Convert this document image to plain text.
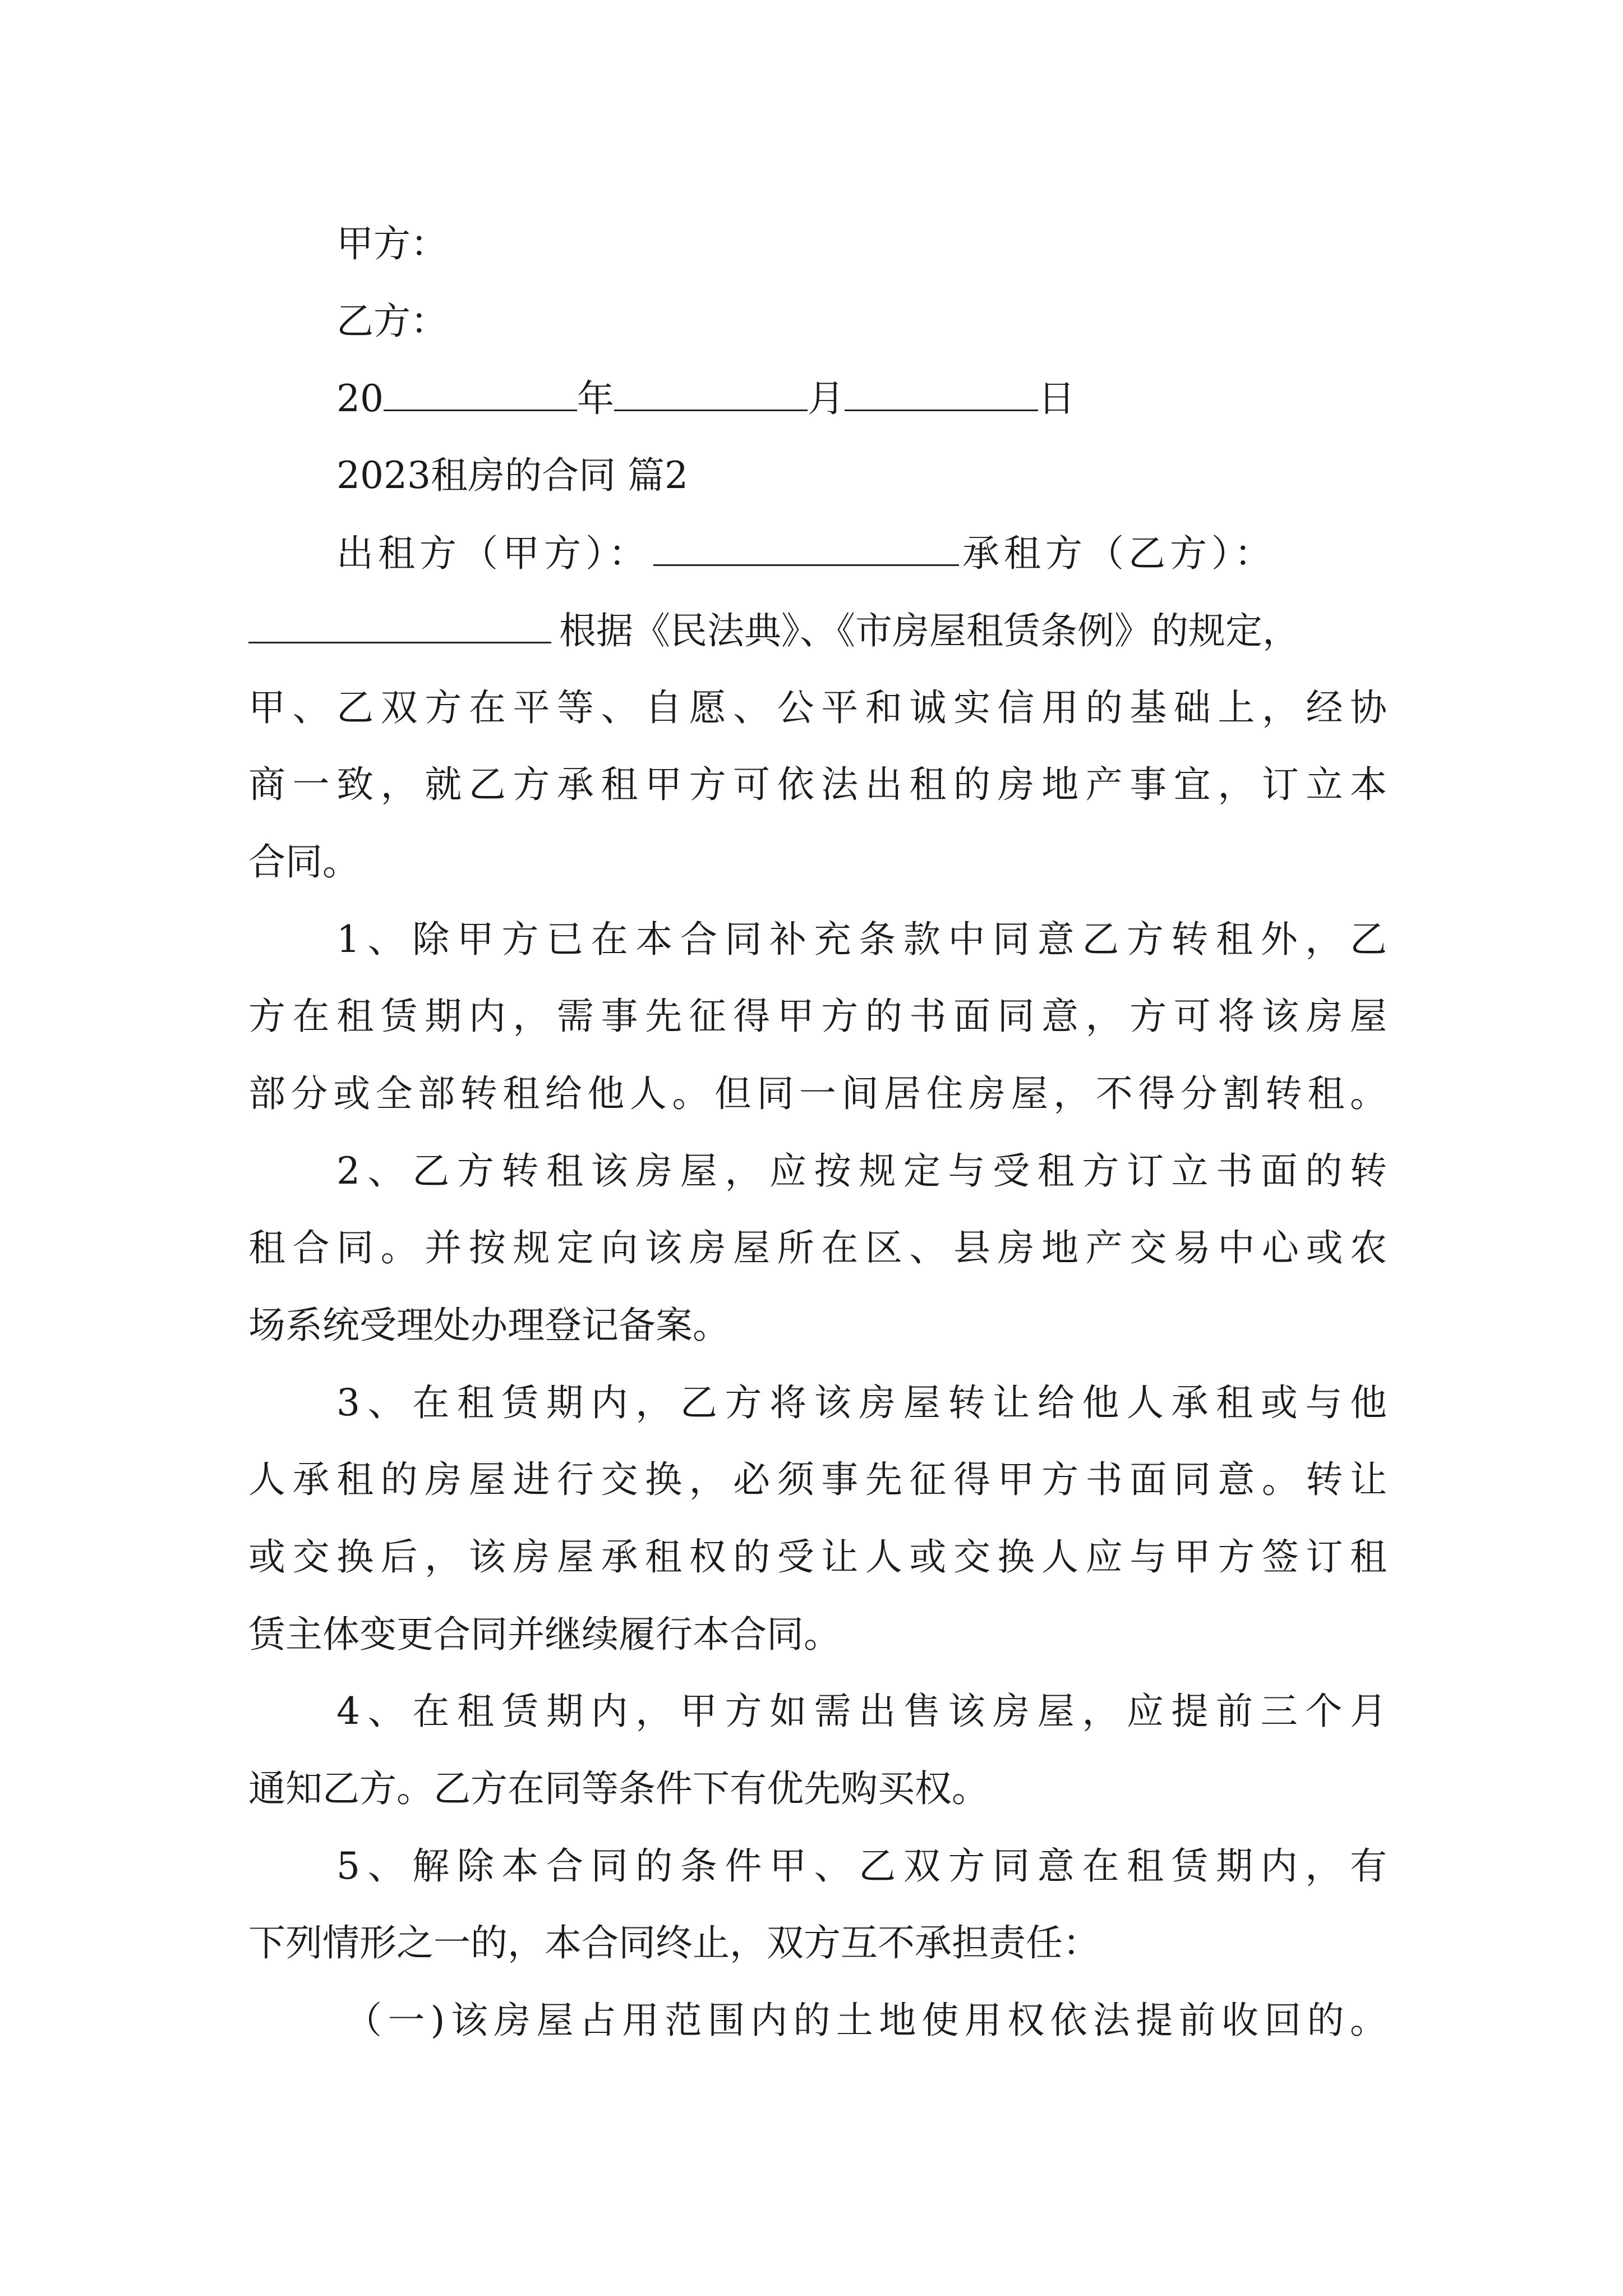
甲方：
乙方：
20	年	月	日
2023租房的合同 篇2
出租方（甲方）：	承租方（乙方）：
根据《民法典》、《市房屋租赁条例》的规定，
甲、乙双方在平等、自愿、公平和诚实信用的基础上，经协
商一致，就乙方承租甲方可依法出租的房地产事宜，订立本
合同。
1、除甲方已在本合同补充条款中同意乙方转租外，乙
方在租赁期内，需事先征得甲方的书面同意，方可将该房屋
部分或全部转租给他人。但同一间居住房屋，不得分割转租。
2、乙方转租该房屋，应按规定与受租方订立书面的转
租合同。并按规定向该房屋所在区、县房地产交易中心或农
场系统受理处办理登记备案。
3、在租赁期内，乙方将该房屋转让给他人承租或与他
人承租的房屋进行交换，必须事先征得甲方书面同意。转让
或交换后，该房屋承租权的受让人或交换人应与甲方签订租
赁主体变更合同并继续履行本合同。
4、在租赁期内，甲方如需出售该房屋，应提前三个月
通知乙方。乙方在同等条件下有优先购买权。
5、解除本合同的条件甲、乙双方同意在租赁期内，有
下列情形之一的，本合同终止，双方互不承担责任：
（一)该房屋占用范围内的土地使用权依法提前收回的。
